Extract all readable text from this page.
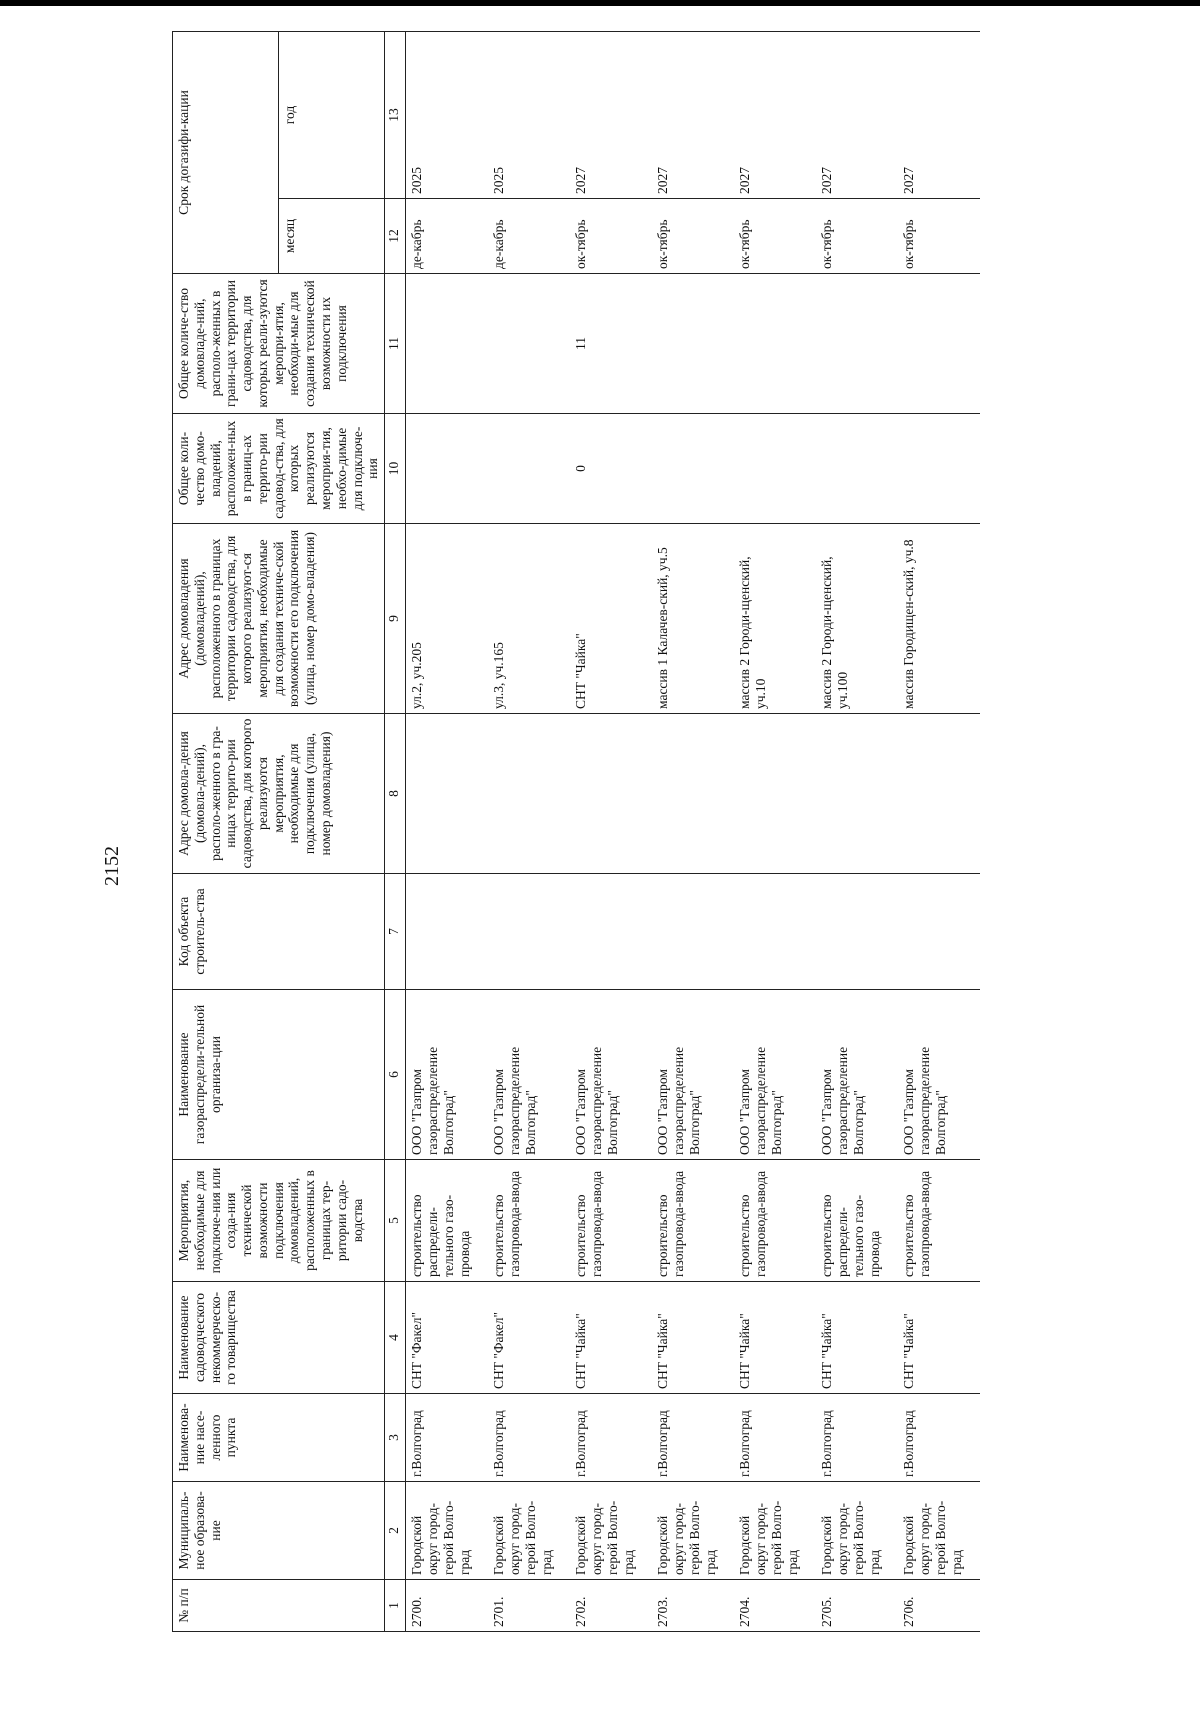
2152
№ п/п	Муниципаль-ное образова-ние	Наименова-ние насе-ленного пункта	Наименование садоводческого некоммерческо-го товарищества	Мероприятия, необходимые для подключе-ния или созда-ния технической возможности подключения домовладений, расположенных в границах тер-ритории садо-водства	Наименование газораспредели-тельной организа-ции	Код объекта строитель-ства	Адрес домовла-дения (домовла-дений), располо-женного в гра-ницах террито-рии садоводства, для которого реализуются мероприятия, необходимые для подключения (улица, номер домовладения)	Адрес домовладения (домовладений), расположенного в границах территории садоводства, для которого реализуют-ся мероприятия, необходимые для создания техниче-ской возможности его подключения (улица, номер домо-владения)	Общее коли-чество домо-владений, расположен-ных в границ-ах террито-рии садовод-ства, для которых реализуются мероприя-тия, необхо-димые для подключе-ния	Общее количе-ство домовладе-ний, располо-женных в грани-цах территории садоводства, для которых реали-зуются меропри-ятия, необходи-мые для создания технической возможности их подключения	Срок догазифи-кации	
											месяц	год
1	2	3	4	5	6	7	8	9	10	11	12	13
2700.	Городской округ город-герой Волго-град	г.Волгоград	СНТ "Факел"	строительство распредели-тельного газо-провода	ООО "Газпром газораспределение Волгоград"			ул.2, уч.205			де-кабрь	2025
2701.	Городской округ город-герой Волго-град	г.Волгоград	СНТ "Факел"	строительство газопровода-ввода	ООО "Газпром газораспределение Волгоград"			ул.3, уч.165			де-кабрь	2025
2702.	Городской округ город-герой Волго-град	г.Волгоград	СНТ "Чайка"	строительство газопровода-ввода	ООО "Газпром газораспределение Волгоград"			СНТ "Чайка"	0	11	ок-тябрь	2027
2703.	Городской округ город-герой Волго-град	г.Волгоград	СНТ "Чайка"	строительство газопровода-ввода	ООО "Газпром газораспределение Волгоград"			массив 1 Калачев-ский, уч.5			ок-тябрь	2027
2704.	Городской округ город-герой Волго-град	г.Волгоград	СНТ "Чайка"	строительство газопровода-ввода	ООО "Газпром газораспределение Волгоград"			массив 2 Городи-щенский, уч.10			ок-тябрь	2027
2705.	Городской округ город-герой Волго-град	г.Волгоград	СНТ "Чайка"	строительство распредели-тельного газо-провода	ООО "Газпром газораспределение Волгоград"			массив 2 Городи-щенский, уч.100			ок-тябрь	2027
2706.	Городской округ город-герой Волго-град	г.Волгоград	СНТ "Чайка"	строительство газопровода-ввода	ООО "Газпром газораспределение Волгоград"			массив Городищен-ский, уч.8			ок-тябрь	2027
